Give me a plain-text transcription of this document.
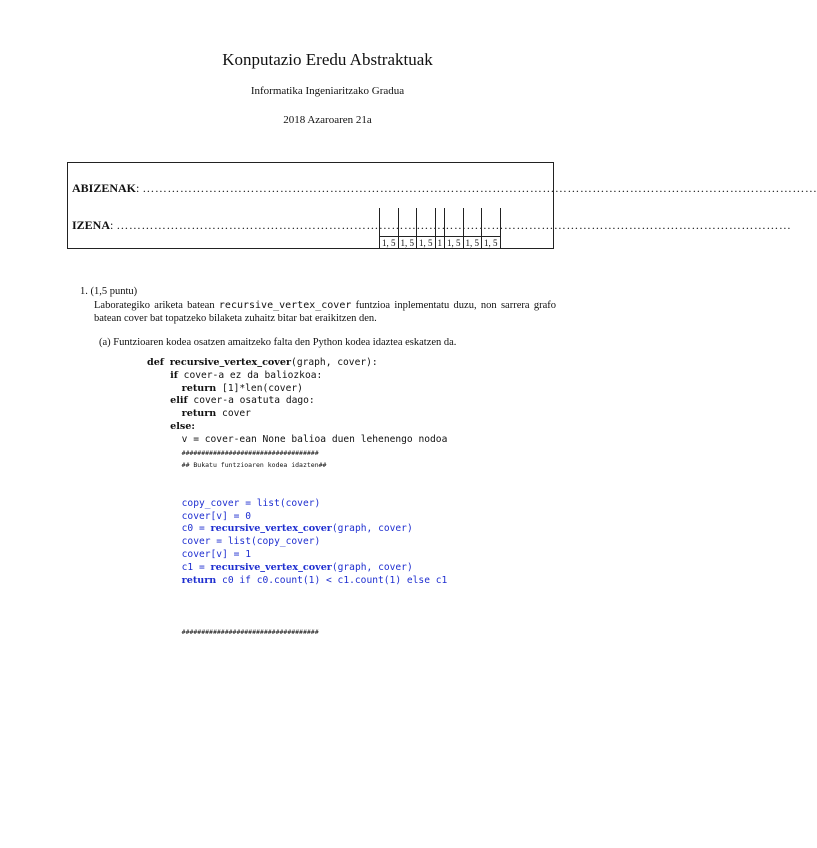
Konputazio Eredu Abstraktuak
Informatika Ingeniaritzako Gradua
2018 Azaroaren 21a
ABIZENAK: ………………………………………………………………………………………………………………………………………………
IZENA: ………………………………………………………………………………………………………………………………………………
1, 5 1, 5 1, 5 1 1, 5 1, 5 1, 5
1. (1,5 puntu)
Laborategiko ariketa batean recursive_vertex_cover funtzioa inplementatu duzu, non sarrera grafo batean cover bat topatzeko bilaketa zuhaitz bitar bat eraikitzen den.
(a) Funtzioaren kodea osatzen amaitzeko falta den Python kodea idaztea eskatzen da.
def recursive_vertex_cover(graph, cover):
if cover-a ez da baliozkoa:
return [1]*len(cover)
elif cover-a osatuta dago:
return cover
else:
v = cover-ean None balioa duen lehenengo nodoa
###################################
## Bukatu funtzioaren kodea idazten##
copy_cover = list(cover)
cover[v] = 0
c0 = recursive_vertex_cover(graph, cover)
cover = list(copy_cover)
cover[v] = 1
c1 = recursive_vertex_cover(graph, cover)
return c0 if c0.count(1) < c1.count(1) else c1
###################################
